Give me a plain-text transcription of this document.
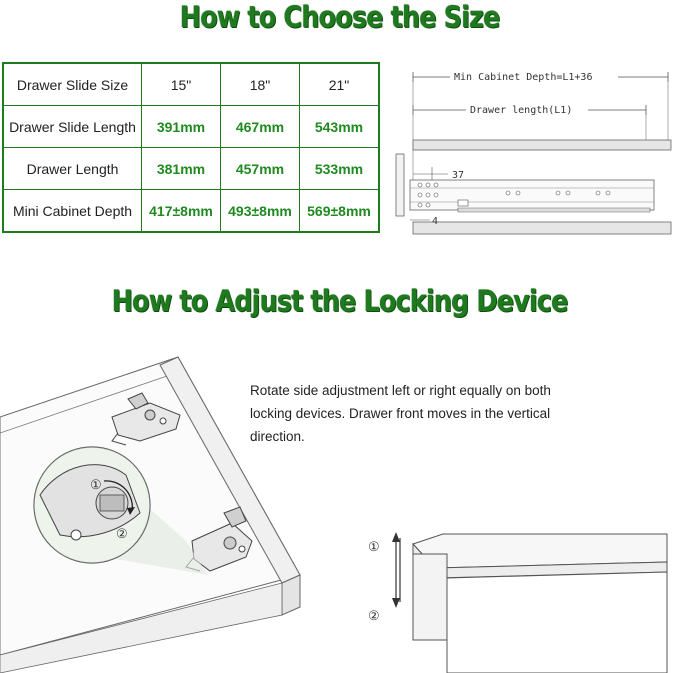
How to Choose the Size
Drawer Slide Size	15"	18"	21"
Drawer Slide Length	391mm	467mm	543mm
Drawer Length	381mm	457mm	533mm
Mini Cabinet Depth	417±8mm	493±8mm	569±8mm
Min Cabinet Depth=L1+36
Drawer length(L1)
37
4
How to Adjust the Locking Device
①
②
Rotate side adjustment left or right equally on both locking devices. Drawer front moves in the vertical direction.
①
②
